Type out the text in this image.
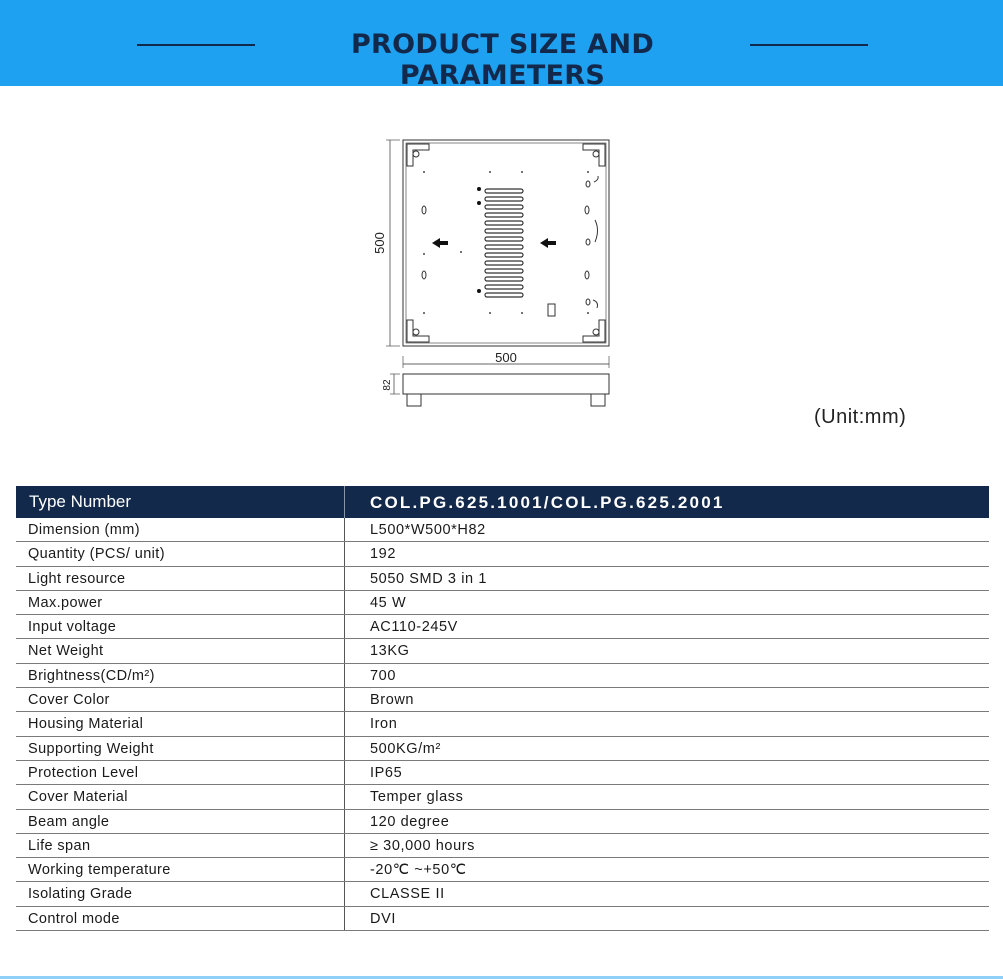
PRODUCT SIZE AND PARAMETERS
500
500
82
(Unit:mm)
Type Number	COL.PG.625.1001/COL.PG.625.2001
Dimension (mm)	L500*W500*H82
Quantity (PCS/ unit)	192
Light resource	5050 SMD 3 in 1
Max.power	45 W
Input voltage	AC110-245V
Net Weight	13KG
Brightness(CD/m²)	700
Cover Color	Brown
Housing Material	Iron
Supporting Weight	500KG/m²
Protection Level	IP65
Cover Material	Temper glass
Beam angle	120 degree
Life span	≥ 30,000 hours
Working temperature	-20℃ ~+50℃
Isolating Grade	CLASSE II
Control mode	DVI
